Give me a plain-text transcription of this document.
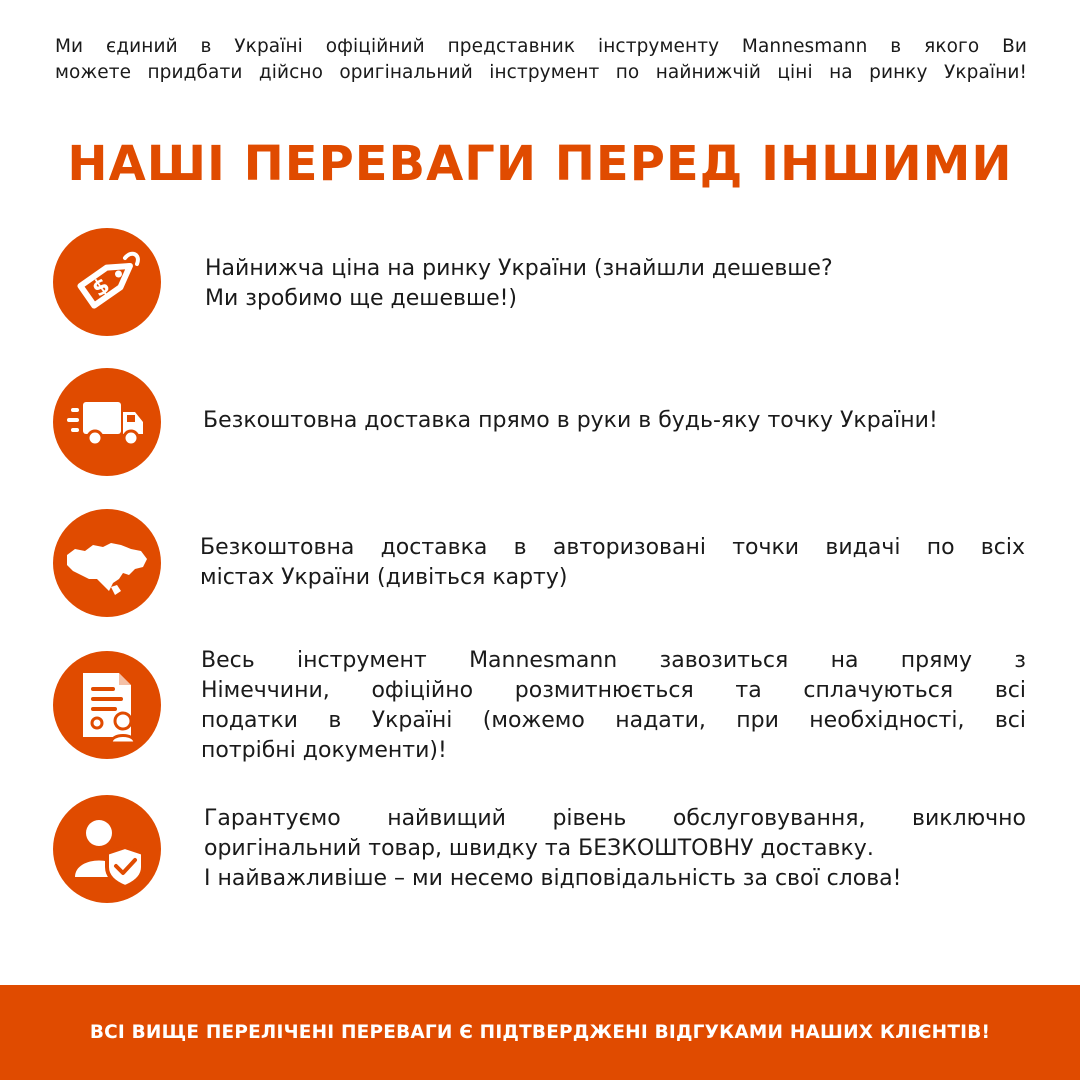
Ми єдиний в Україні офіційний представник інструменту Mannesmann в якого Ви
можете придбати дійсно оригінальний інструмент по найнижчій ціні на ринку України!
НАШІ ПЕРЕВАГИ ПЕРЕД ІНШИМИ
$
Найнижча ціна на ринку України (знайшли дешевше?
Ми зробимо ще дешевше!)
Безкоштовна доставка прямо в руки в будь-яку точку України!
Безкоштовна доставка в авторизовані точки видачі по всіх
містах України (дивіться карту)
Весь інструмент Mannesmann завозиться на пряму з
Німеччини, офіційно розмитнюється та сплачуються всі
податки в Україні (можемо надати, при необхідності, всі
потрібні документи)!
Гарантуємо найвищий рівень обслуговування, виключно
оригінальний товар, швидку та БЕЗКОШТОВНУ доставку.
І найважливіше – ми несемо відповідальність за свої слова!
ВСІ ВИЩЕ ПЕРЕЛІЧЕНІ ПЕРЕВАГИ Є ПІДТВЕРДЖЕНІ ВІДГУКАМИ НАШИХ КЛІЄНТІВ!
